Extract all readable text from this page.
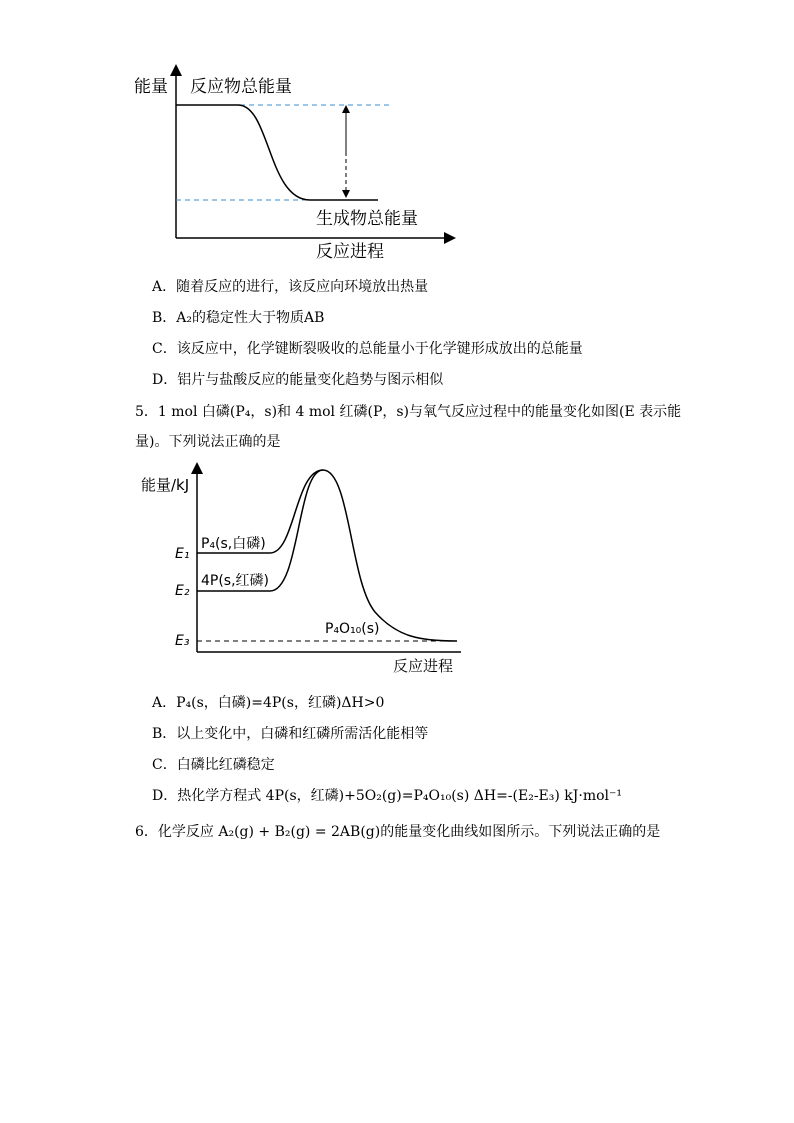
能量 反应物总能量
生成物总能量
反应进程
A．随着反应的进行，该反应向环境放出热量
B．A₂的稳定性大于物质AB
C．该反应中，化学键断裂吸收的总能量小于化学键形成放出的总能量
D．铝片与盐酸反应的能量变化趋势与图示相似
5．1 mol 白磷(P₄，s)和 4 mol 红磷(P，s)与氧气反应过程中的能量变化如图(E 表示能
量)。下列说法正确的是
能量/kJ
E₁
E₂
E₃
P₄(s,白磷)
4P(s,红磷)
P₄O₁₀(s)
反应进程
A．P₄(s，白磷)=4P(s，红磷)ΔH>0
B．以上变化中，白磷和红磷所需活化能相等
C．白磷比红磷稳定
D．热化学方程式 4P(s，红磷)+5O₂(g)=P₄O₁₀(s) ΔH=-(E₂-E₃) kJ·mol⁻¹
6．化学反应 A₂(g) + B₂(g) = 2AB(g)的能量变化曲线如图所示。下列说法正确的是
